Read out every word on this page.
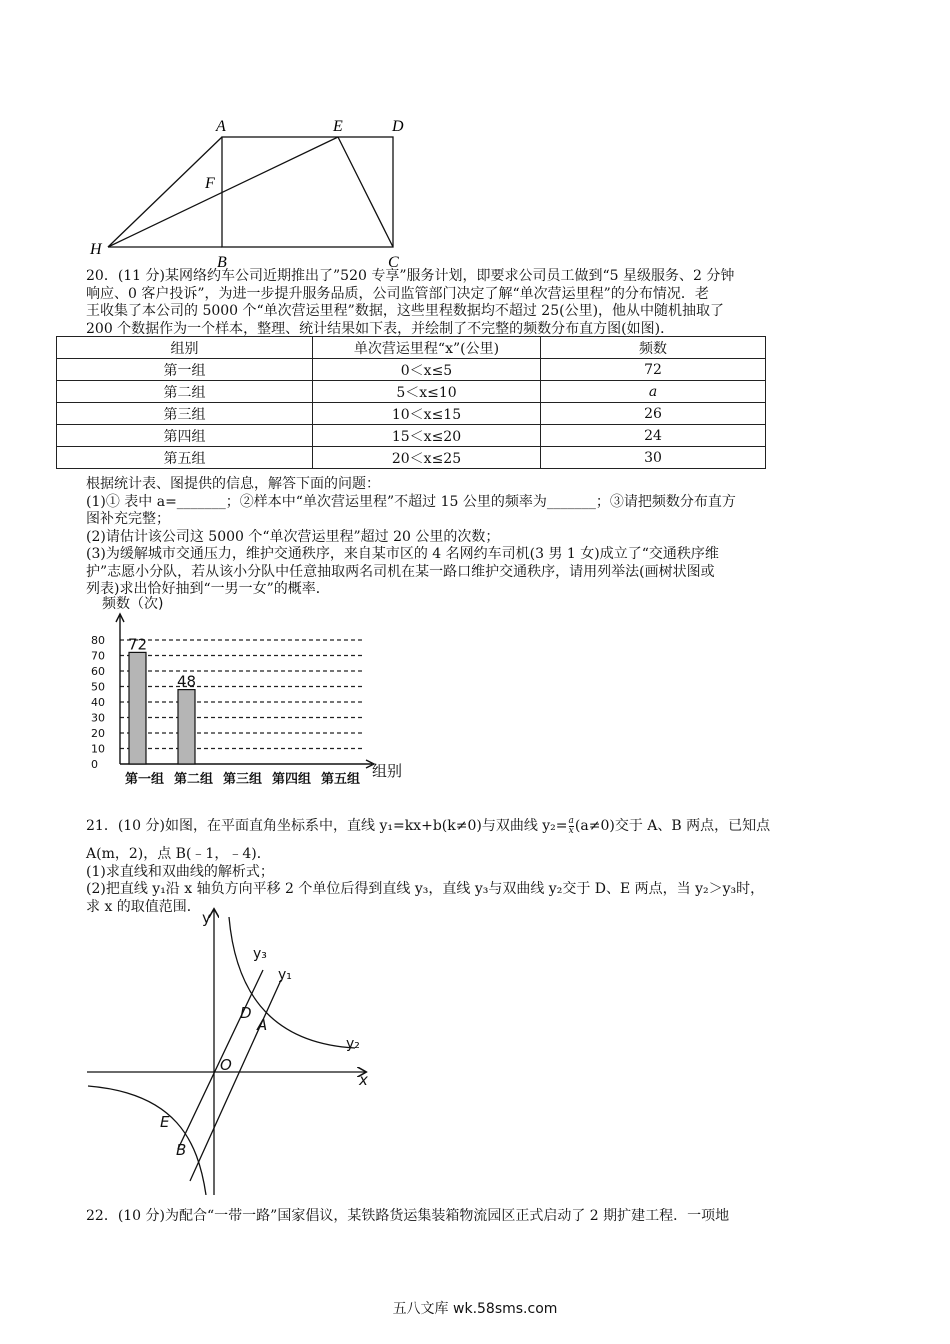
A	E	D
F
H
B	C
20．(11 分)某网络约车公司近期推出了”520 专享”服务计划，即要求公司员工做到“5 星级服务、2 分钟
响应、0 客户投诉”，为进一步提升服务品质，公司监管部门决定了解“单次营运里程”的分布情况．老
王收集了本公司的 5000 个“单次营运里程”数据，这些里程数据均不超过 25(公里)，他从中随机抽取了
200 个数据作为一个样本，整理、统计结果如下表，并绘制了不完整的频数分布直方图(如图)．
组别	单次营运里程“x”(公里)	频数
第一组	0＜x≤5	72
第二组	5＜x≤10	a
第三组	10＜x≤15	26
第四组	15＜x≤20	24
第五组	20＜x≤25	30
根据统计表、图提供的信息，解答下面的问题：
(1)① 表中 a=_______；②样本中“单次营运里程”不超过 15 公里的频率为_______；③请把频数分布直方
图补充完整；
(2)请估计该公司这 5000 个“单次营运里程”超过 20 公里的次数；
(3)为缓解城市交通压力，维护交通秩序，来自某市区的 4 名网约车司机(3 男 1 女)成立了“交通秩序维
护”志愿小分队，若从该小分队中任意抽取两名司机在某一路口维护交通秩序，请用列举法(画树状图或
列表)求出恰好抽到“一男一女”的概率．
频数（次)
组别
0
10
20
30
40
50
60
70
80
第一组 第二组 第三组 第四组 第五组
72
48
21．(10 分)如图，在平面直角坐标系中，直线 y₁=kx+b(k≠0)与双曲线 $y_2= \frac{a}{x} (a\ne 0)$交于 A、B 两点，已知点
A(m，2)，点 B(﹣1，﹣4)．
(1)求直线和双曲线的解析式；
(2)把直线 y₁沿 x 轴负方向平移 2 个单位后得到直线 y₃，直线 y₃与双曲线 y₂交于 D、E 两点，当 y₂＞y₃时，
求 x 的取值范围．
y
x
y₃
y₁
y₂
D
A
O
E
B
22．(10 分)为配合“一带一路”国家倡议，某铁路货运集装箱物流园区正式启动了 2 期扩建工程．一项地
五八文库 wk.58sms.com
